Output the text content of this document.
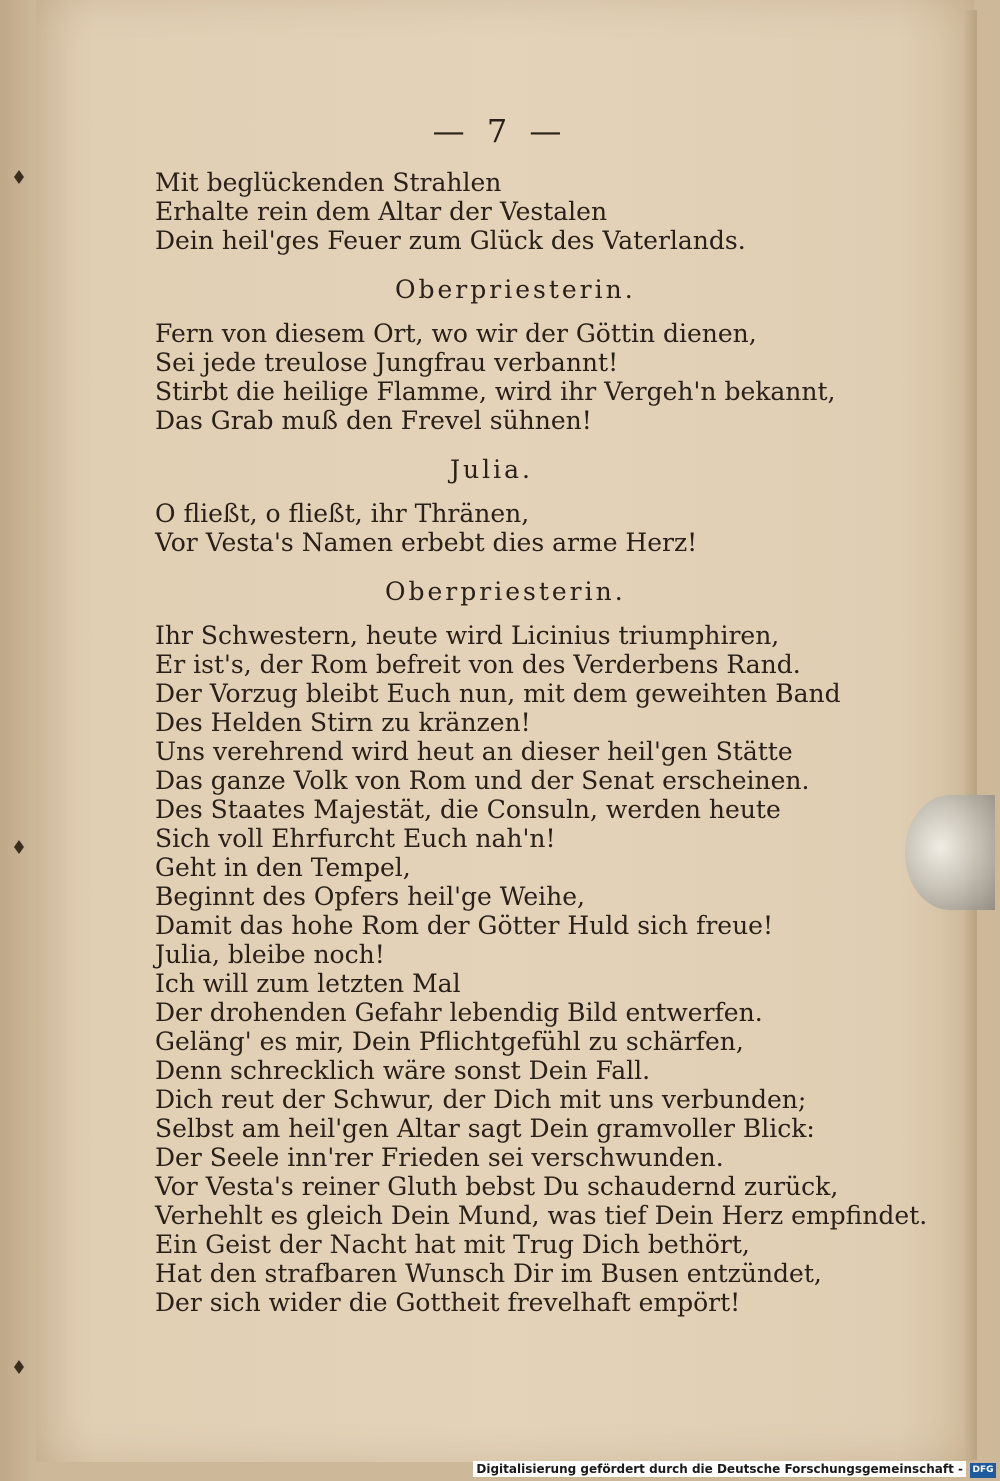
— 7 —
Mit beglückenden Strahlen
Erhalte rein dem Altar der Vestalen
Dein heil'ges Feuer zum Glück des Vaterlands.
Oberpriesterin.
Fern von diesem Ort, wo wir der Göttin dienen,
Sei jede treulose Jungfrau verbannt!
Stirbt die heilige Flamme, wird ihr Vergeh'n bekannt,
Das Grab muß den Frevel sühnen!
Julia.
O fließt, o fließt, ihr Thränen,
Vor Vesta's Namen erbebt dies arme Herz!
Oberpriesterin.
Ihr Schwestern, heute wird Licinius triumphiren,
Er ist's, der Rom befreit von des Verderbens Rand.
Der Vorzug bleibt Euch nun, mit dem geweihten Band
Des Helden Stirn zu kränzen!
Uns verehrend wird heut an dieser heil'gen Stätte
Das ganze Volk von Rom und der Senat erscheinen.
Des Staates Majestät, die Consuln, werden heute
Sich voll Ehrfurcht Euch nah'n!
Geht in den Tempel,
Beginnt des Opfers heil'ge Weihe,
Damit das hohe Rom der Götter Huld sich freue!
Julia, bleibe noch!
Ich will zum letzten Mal
Der drohenden Gefahr lebendig Bild entwerfen.
Geläng' es mir, Dein Pflichtgefühl zu schärfen,
Denn schrecklich wäre sonst Dein Fall.
Dich reut der Schwur, der Dich mit uns verbunden;
Selbst am heil'gen Altar sagt Dein gramvoller Blick:
Der Seele inn'rer Frieden sei verschwunden.
Vor Vesta's reiner Gluth bebst Du schaudernd zurück,
Verhehlt es gleich Dein Mund, was tief Dein Herz empfindet.
Ein Geist der Nacht hat mit Trug Dich bethört,
Hat den strafbaren Wunsch Dir im Busen entzündet,
Der sich wider die Gottheit frevelhaft empört!
Digitalisierung gefördert durch die Deutsche Forschungsgemeinschaft -	DFG
